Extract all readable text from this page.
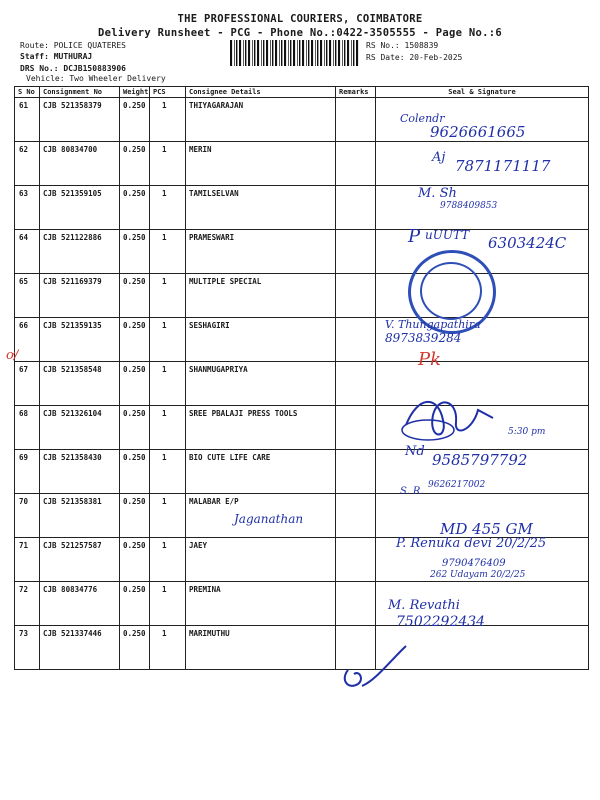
THE PROFESSIONAL COURIERS, COIMBATORE
Delivery Runsheet - PCG - Phone No.:0422-3505555 - Page No.:6
Route: POLICE QUATERES
Staff: MUTHURAJ
DRS No.: DCJB150883906
Vehicle: Two Wheeler Delivery
RS No.: 1508839
RS Date: 20-Feb-2025
S No	Consignment No	Weight	PCS	Consignee Details	Remarks	Seal & Signature
61	CJB 521358379	0.250	1	THIYAGARAJAN		
62	CJB 80834700	0.250	1	MERIN		
63	CJB 521359105	0.250	1	TAMILSELVAN		
64	CJB 521122886	0.250	1	PRAMESWARI		
65	CJB 521169379	0.250	1	MULTIPLE SPECIAL		
66	CJB 521359135	0.250	1	SESHAGIRI		
67	CJB 521358548	0.250	1	SHANMUGAPRIYA		
68	CJB 521326104	0.250	1	SREE PBALAJI PRESS TOOLS		
69	CJB 521358430	0.250	1	BIO CUTE LIFE CARE		
70	CJB 521358381	0.250	1	MALABAR E/P		
71	CJB 521257587	0.250	1	JAEY		
72	CJB 80834776	0.250	1	PREMINA		
73	CJB 521337446	0.250	1	MARIMUTHU		
Colendr
9626661665
Aj 7871171117
M. Sh
9788409853
P uUUTT 6303424C
V. Thungapathira
8973839284
Pk
ơ/
5:30 pm
Nd 9585797792
S. R.
9626217002
Jaganathan
MD 455 GM
P. Renuka devi 20/2/25
9790476409
262 Udayam 20/2/25
M. Revathi
7502292434
